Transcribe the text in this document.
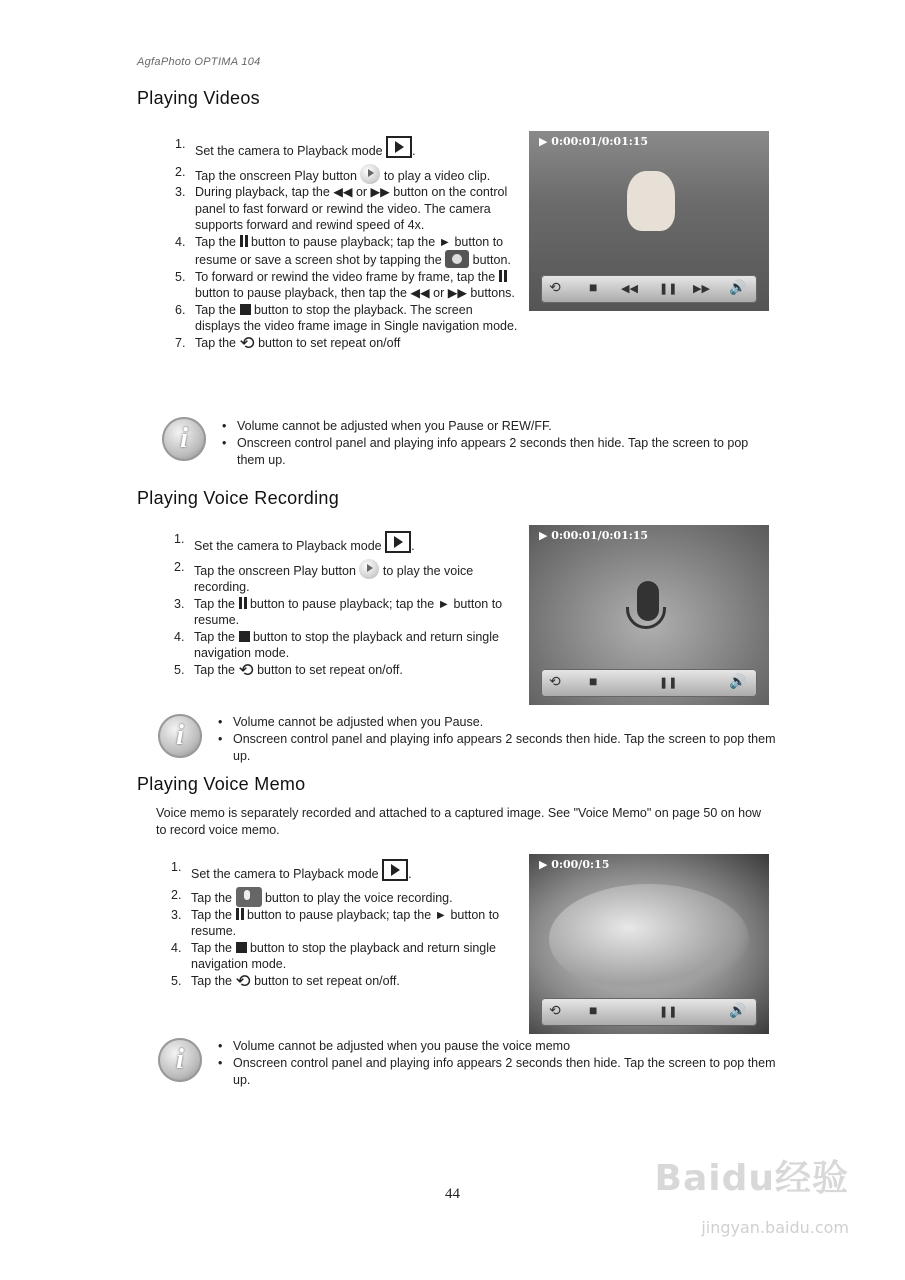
AgfaPhoto OPTIMA 104
Playing Videos
1. Set the camera to Playback mode .
2. Tap the onscreen Play button to play a video clip.
3. During playback, tap the ◀◀ or ▶▶ button on the control panel to fast forward or rewind the video. The camera supports forward and rewind speed of 4x.
4. Tap the button to pause playback; tap the ► button to resume or save a screen shot by tapping the button.
5. To forward or rewind the video frame by frame, tap the  button to pause playback, then tap the ◀◀ or ▶▶ buttons.
6. Tap the button to stop the playback. The screen displays the video frame image in Single navigation mode.
7. Tap the ⟲ button to set repeat on/off
▶ 0:00:01/0:01:15
⟲ ■ ◀◀ ❚❚ ▶▶ 🔊
i	• Volume cannot be adjusted when you Pause or REW/FF.
• Onscreen control panel and playing info appears 2 seconds then hide. Tap the screen to pop them up.
Playing Voice Recording
1. Set the camera to Playback mode .
2. Tap the onscreen Play button to play the voice recording.
3. Tap the button to pause playback; tap the ► button to resume.
4. Tap the button to stop the playback and return single navigation mode.
5. Tap the ⟲ button to set repeat on/off.
▶ 0:00:01/0:01:15
⟲ ■	❚❚	🔊
i	• Volume cannot be adjusted when you Pause.
• Onscreen control panel and playing info appears 2 seconds then hide. Tap the screen to pop them up.
Playing Voice Memo
Voice memo is separately recorded and attached to a captured image. See "Voice Memo" on page 50 on how to record voice memo.
1. Set the camera to Playback mode .
2. Tap the	button to play the voice recording.
3. Tap the button to pause playback; tap the ► button to resume.
4. Tap the button to stop the playback and return single navigation mode.
5. Tap the ⟲ button to set repeat on/off.
▶ 0:00/0:15
⟲ ■	❚❚	🔊
i	• Volume cannot be adjusted when you pause the voice memo
• Onscreen control panel and playing info appears 2 seconds then hide. Tap the screen to pop them up.
44	Baidu经验
jingyan.baidu.com
